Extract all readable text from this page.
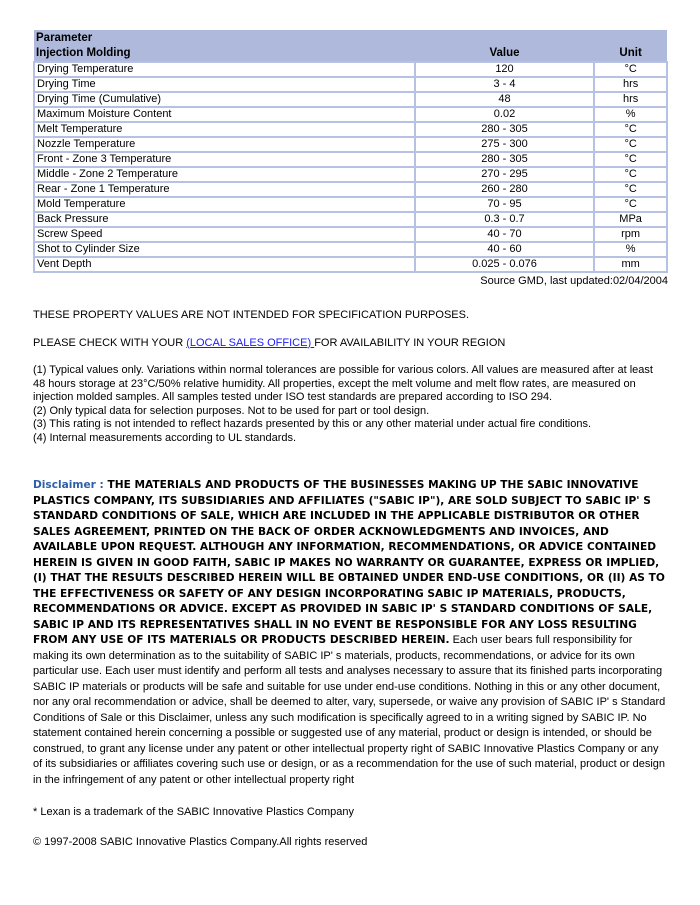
Parameter		
Injection Molding	Value	Unit
Drying Temperature	120	°C
Drying Time	3 - 4	hrs
Drying Time (Cumulative)	48	hrs
Maximum Moisture Content	0.02	%
Melt Temperature	280 - 305	°C
Nozzle Temperature	275 - 300	°C
Front - Zone 3 Temperature	280 - 305	°C
Middle - Zone 2 Temperature	270 - 295	°C
Rear - Zone 1 Temperature	260 - 280	°C
Mold Temperature	70 - 95	°C
Back Pressure	0.3 - 0.7	MPa
Screw Speed	40 - 70	rpm
Shot to Cylinder Size	40 - 60	%
Vent Depth	0.025 - 0.076	mm
Source GMD, last updated:02/04/2004

THESE PROPERTY VALUES ARE NOT INTENDED FOR SPECIFICATION PURPOSES.

PLEASE CHECK WITH YOUR (LOCAL SALES OFFICE) FOR AVAILABILITY IN YOUR REGION

(1) Typical values only. Variations within normal tolerances are possible for various colors. All values are measured after at least 48 hours storage at 23°C/50% relative humidity. All properties, except the melt volume and melt flow rates, are measured on injection molded samples. All samples tested under ISO test standards are prepared according to ISO 294.

(2) Only typical data for selection purposes. Not to be used for part or tool design.

(3) This rating is not intended to reflect hazards presented by this or any other material under actual fire conditions.

(4) Internal measurements according to UL standards.

Disclaimer : THE MATERIALS AND PRODUCTS OF THE BUSINESSES MAKING UP THE SABIC INNOVATIVE PLASTICS COMPANY, ITS SUBSIDIARIES AND AFFILIATES ("SABIC IP"), ARE SOLD SUBJECT TO SABIC IP' S STANDARD CONDITIONS OF SALE, WHICH ARE INCLUDED IN THE APPLICABLE DISTRIBUTOR OR OTHER SALES AGREEMENT, PRINTED ON THE BACK OF ORDER ACKNOWLEDGMENTS AND INVOICES, AND AVAILABLE UPON REQUEST. ALTHOUGH ANY INFORMATION, RECOMMENDATIONS, OR ADVICE CONTAINED HEREIN IS GIVEN IN GOOD FAITH, SABIC IP MAKES NO WARRANTY OR GUARANTEE, EXPRESS OR IMPLIED, (I) THAT THE RESULTS DESCRIBED HEREIN WILL BE OBTAINED UNDER END-USE CONDITIONS, OR (II) AS TO THE EFFECTIVENESS OR SAFETY OF ANY DESIGN INCORPORATING SABIC IP MATERIALS, PRODUCTS, RECOMMENDATIONS OR ADVICE. EXCEPT AS PROVIDED IN SABIC IP' S STANDARD CONDITIONS OF SALE, SABIC IP AND ITS REPRESENTATIVES SHALL IN NO EVENT BE RESPONSIBLE FOR ANY LOSS RESULTING FROM ANY USE OF ITS MATERIALS OR PRODUCTS DESCRIBED HEREIN. Each user bears full responsibility for making its own determination as to the suitability of SABIC IP' s materials, products, recommendations, or advice for its own particular use. Each user must identify and perform all tests and analyses necessary to assure that its finished parts incorporating SABIC IP materials or products will be safe and suitable for use under end-use conditions. Nothing in this or any other document, nor any oral recommendation or advice, shall be deemed to alter, vary, supersede, or waive any provision of SABIC IP' s Standard Conditions of Sale or this Disclaimer, unless any such modification is specifically agreed to in a writing signed by SABIC IP. No statement contained herein concerning a possible or suggested use of any material, product or design is intended, or should be construed, to grant any license under any patent or other intellectual property right of SABIC Innovative Plastics Company or any of its subsidiaries or affiliates covering such use or design, or as a recommendation for the use of such material, product or design in the infringement of any patent or other intellectual property right

* Lexan is a trademark of the SABIC Innovative Plastics Company

© 1997-2008 SABIC Innovative Plastics Company.All rights reserved
